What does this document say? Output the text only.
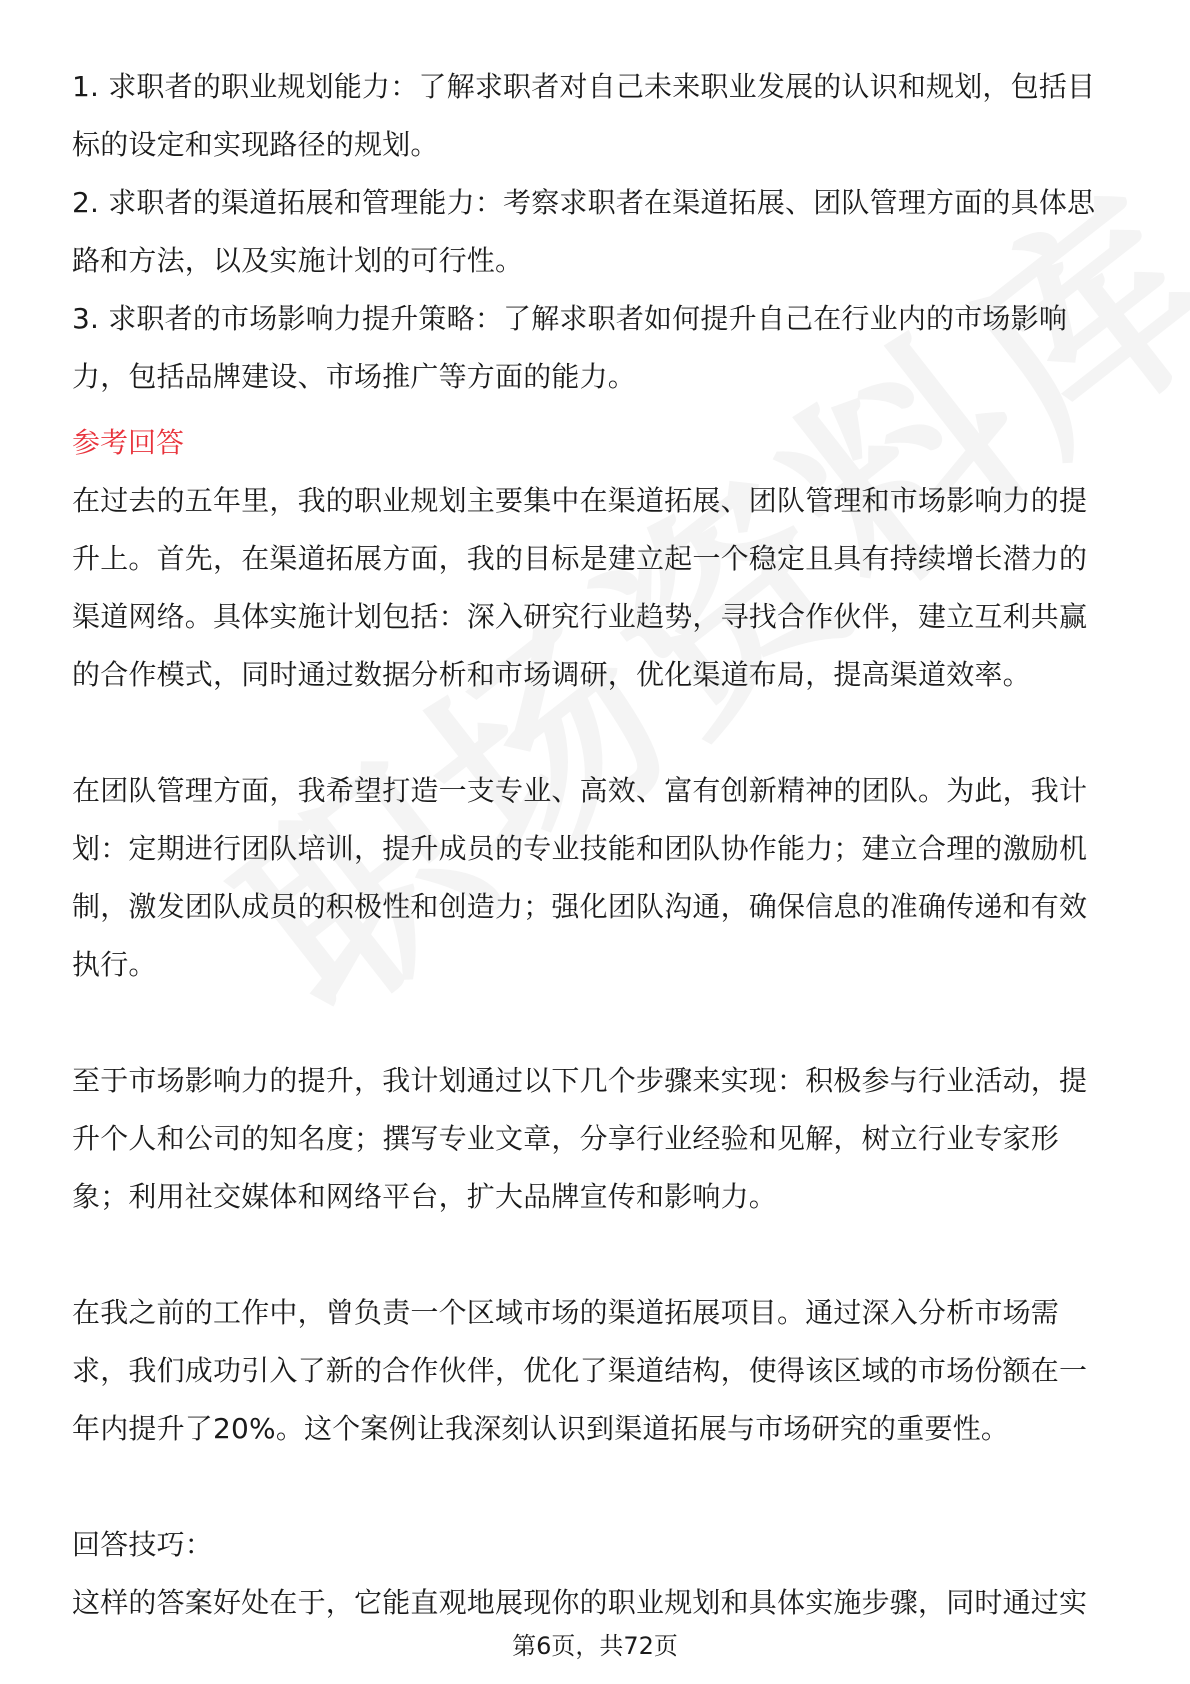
1. 求职者的职业规划能力：了解求职者对自己未来职业发展的认识和规划，包括目
标的设定和实现路径的规划。
2. 求职者的渠道拓展和管理能力：考察求职者在渠道拓展、团队管理方面的具体思
路和方法，以及实施计划的可行性。
3. 求职者的市场影响力提升策略：了解求职者如何提升自己在行业内的市场影响
力，包括品牌建设、市场推广等方面的能力。
参考回答
在过去的五年里，我的职业规划主要集中在渠道拓展、团队管理和市场影响力的提
升上。首先，在渠道拓展方面，我的目标是建立起一个稳定且具有持续增长潜力的
渠道网络。具体实施计划包括：深入研究行业趋势，寻找合作伙伴，建立互利共赢
的合作模式，同时通过数据分析和市场调研，优化渠道布局，提高渠道效率。
在团队管理方面，我希望打造一支专业、高效、富有创新精神的团队。为此，我计
划：定期进行团队培训，提升成员的专业技能和团队协作能力；建立合理的激励机
制，激发团队成员的积极性和创造力；强化团队沟通，确保信息的准确传递和有效
执行。
至于市场影响力的提升，我计划通过以下几个步骤来实现：积极参与行业活动，提
升个人和公司的知名度；撰写专业文章，分享行业经验和见解，树立行业专家形
象；利用社交媒体和网络平台，扩大品牌宣传和影响力。
在我之前的工作中，曾负责一个区域市场的渠道拓展项目。通过深入分析市场需
求，我们成功引入了新的合作伙伴，优化了渠道结构，使得该区域的市场份额在一
年内提升了20%。这个案例让我深刻认识到渠道拓展与市场研究的重要性。
回答技巧：
这样的答案好处在于，它能直观地展现你的职业规划和具体实施步骤，同时通过实
第6页，共72页
